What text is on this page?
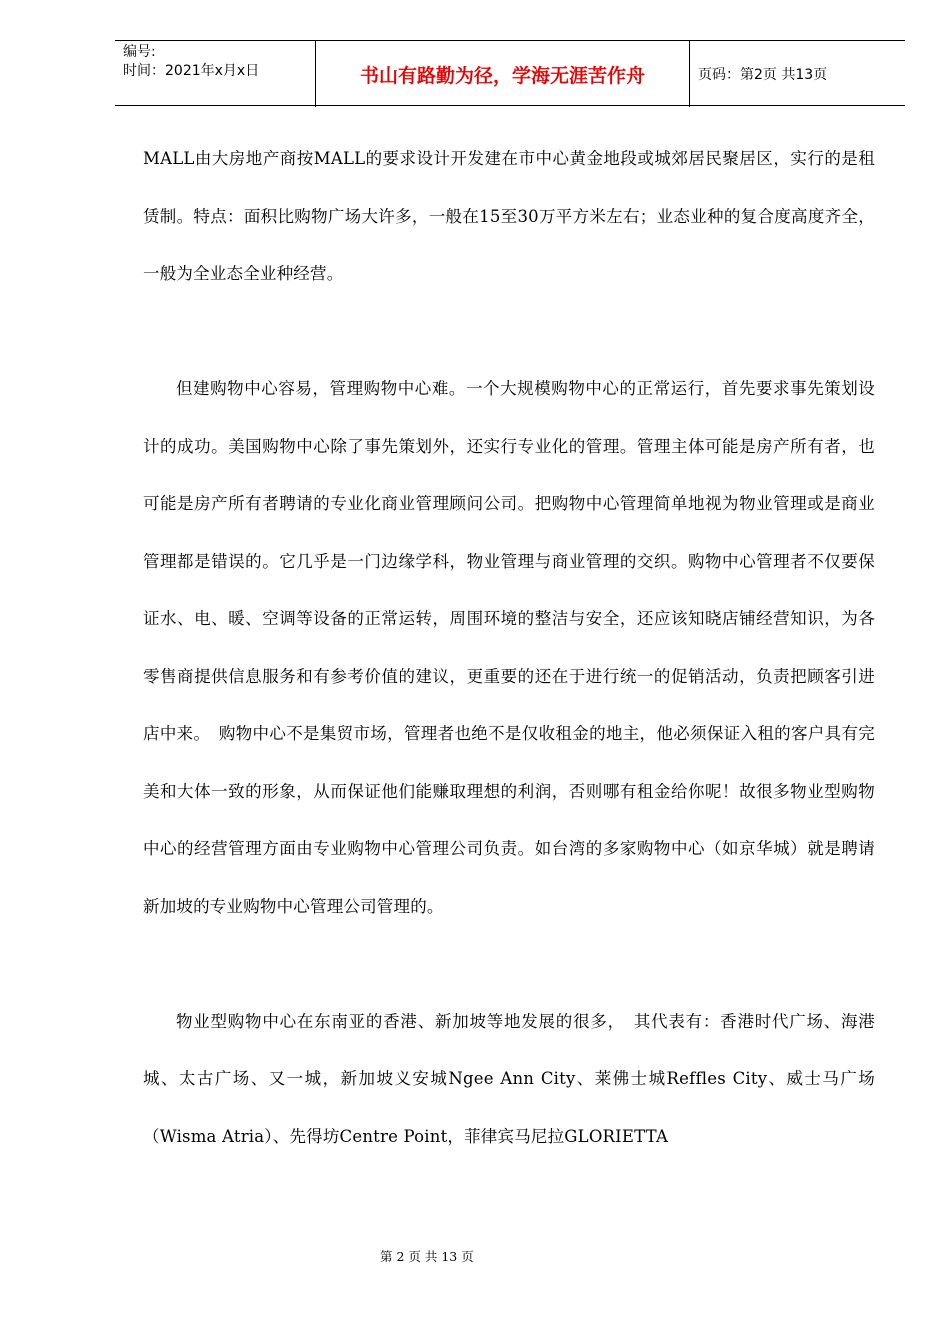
编号:
时间：2021年x月x日	书山有路勤为径，学海无涯苦作舟	页码：第2页 共13页

MALL由大房地产商按MALL的要求设计开发建在市中心黄金地段或城郊居民聚居区，实行的是租赁制。特点：面积比购物广场大许多，一般在15至30万平方米左右；业态业种的复合度高度齐全，一般为全业态全业种经营。

但建购物中心容易，管理购物中心难。一个大规模购物中心的正常运行，首先要求事先策划设计的成功。美国购物中心除了事先策划外，还实行专业化的管理。管理主体可能是房产所有者，也可能是房产所有者聘请的专业化商业管理顾问公司。把购物中心管理简单地视为物业管理或是商业管理都是错误的。它几乎是一门边缘学科，物业管理与商业管理的交织。购物中心管理者不仅要保证水、电、暖、空调等设备的正常运转，周围环境的整洁与安全，还应该知晓店铺经营知识，为各零售商提供信息服务和有参考价值的建议，更重要的还在于进行统一的促销活动，负责把顾客引进店中来。　购物中心不是集贸市场，管理者也绝不是仅收租金的地主，他必须保证入租的客户具有完美和大体一致的形象，从而保证他们能赚取理想的利润，否则哪有租金给你呢！故很多物业型购物中心的经营管理方面由专业购物中心管理公司负责。如台湾的多家购物中心（如京华城）就是聘请新加坡的专业购物中心管理公司管理的。

物业型购物中心在东南亚的香港、新加坡等地发展的很多，　其代表有：香港时代广场、海港城、太古广场、又一城，新加坡义安城Ngee Ann City、莱佛士城Reffles City、威士马广场（Wisma Atria）、先得坊Centre Point，菲律宾马尼拉GLORIETTA

第 2 页 共 13 页
